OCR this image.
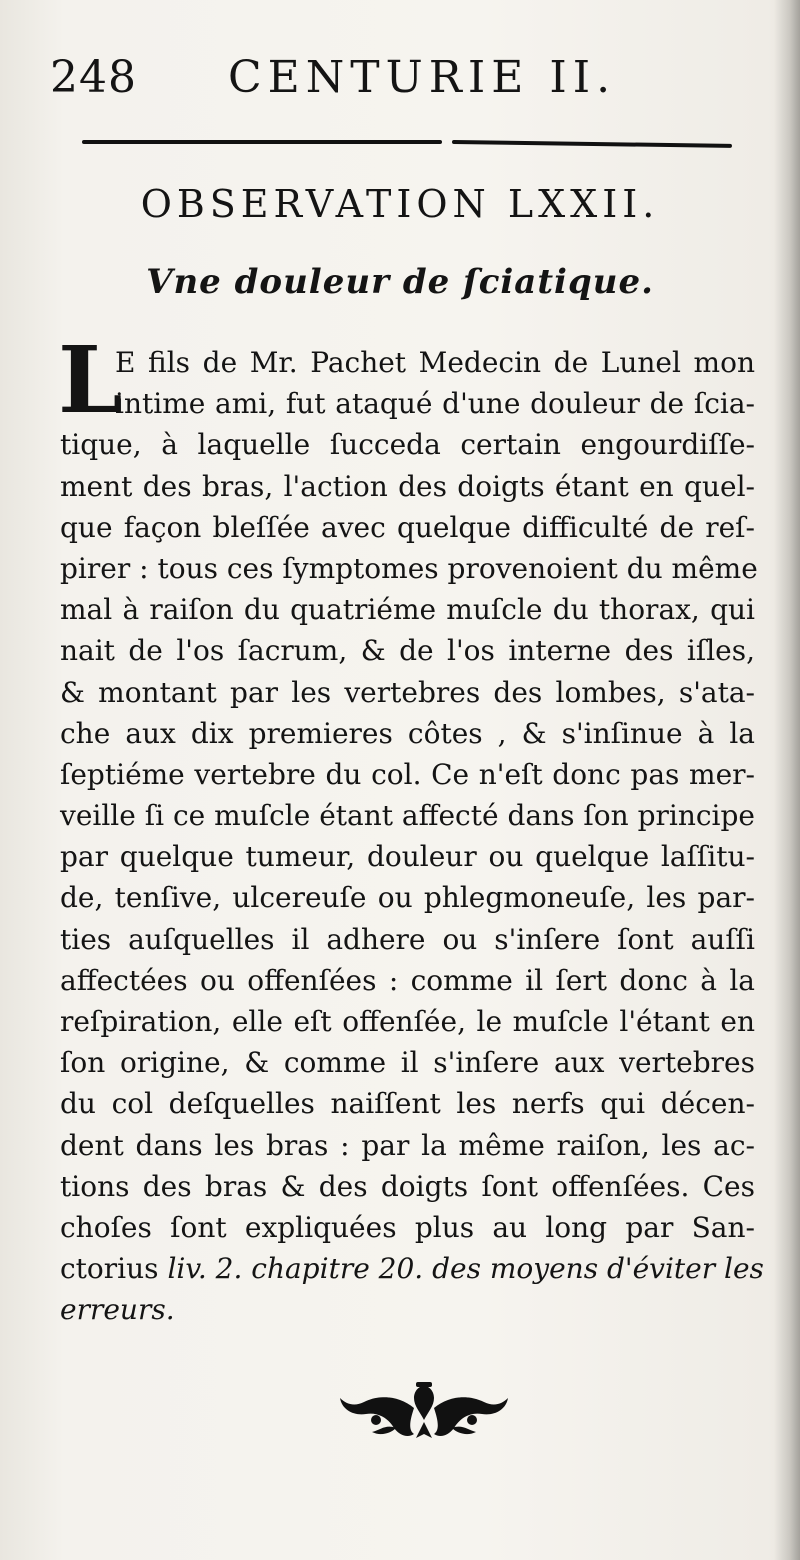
248 CENTURIE II.
OBSERVATION LXXII.
Vne douleur de ſciatique.
L
E fils de Mr. Pachet Medecin de Lunel mon
intime ami, fut ataqué d'une douleur de ſcia-
tique, à laquelle ſucceda certain engourdiſſe-
ment des bras, l'action des doigts étant en quel-
que façon bleſſée avec quelque difficulté de reſ-
pirer : tous ces ſymptomes provenoient du même
mal à raiſon du quatriéme muſcle du thorax, qui
nait de l'os ſacrum, & de l'os interne des iſles,
& montant par les vertebres des lombes, s'ata-
che aux dix premieres côtes , & s'inſinue à la
ſeptiéme vertebre du col. Ce n'eſt donc pas mer-
veille ſi ce muſcle étant affecté dans ſon principe
par quelque tumeur, douleur ou quelque laſſitu-
de, tenſive, ulcereuſe ou phlegmoneuſe, les par-
ties auſquelles il adhere ou s'inſere ſont auſſi
affectées ou offenſées : comme il ſert donc à la
reſpiration, elle eſt offenſée, le muſcle l'étant en
ſon origine, & comme il s'inſere aux vertebres
du col deſquelles naiſſent les nerfs qui décen-
dent dans les bras : par la même raiſon, les ac-
tions des bras & des doigts ſont offenſées. Ces
choſes ſont expliquées plus au long par San-
ctorius liv. 2. chapitre 20. des moyens d'éviter les
erreurs.
